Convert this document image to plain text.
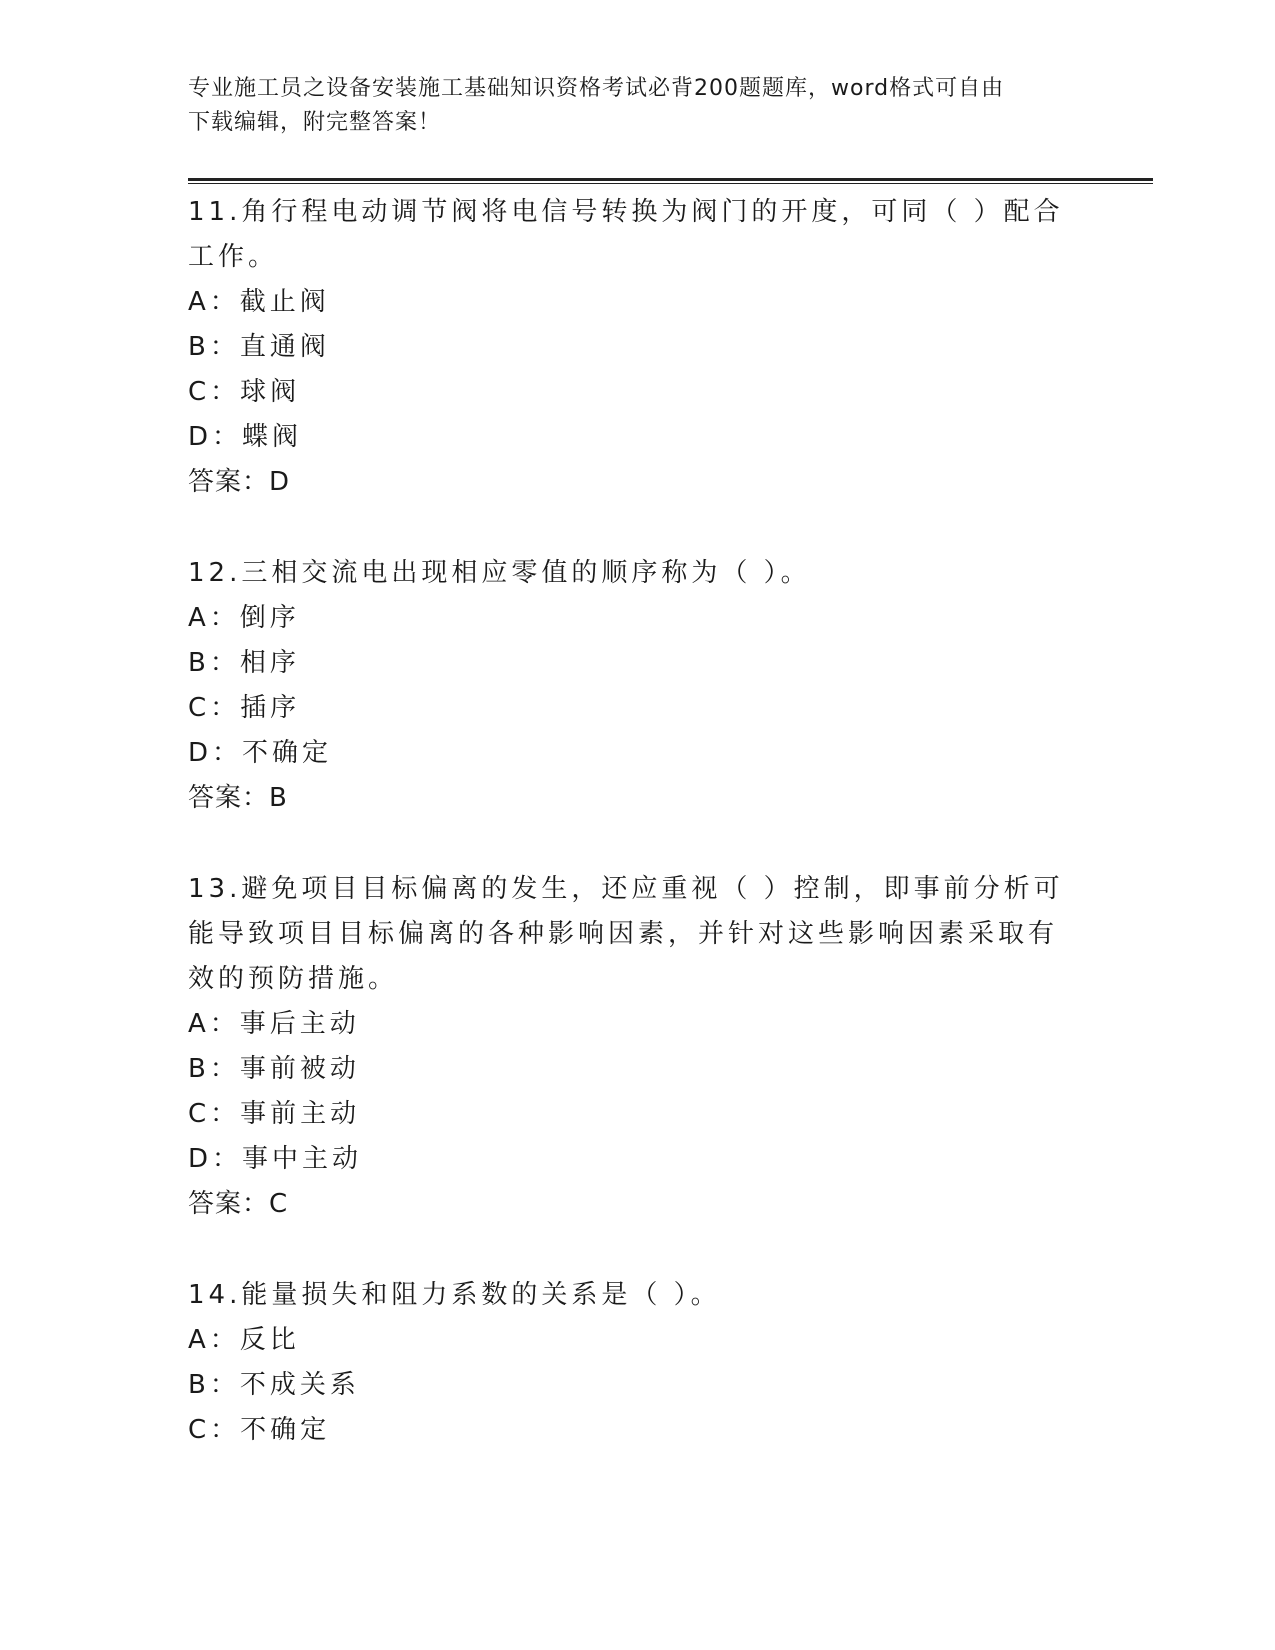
专业施工员之设备安装施工基础知识资格考试必背200题题库，word格式可自由
下载编辑，附完整答案！
11.角行程电动调节阀将电信号转换为阀门的开度，可同（ ）配合工作。
A：截止阀
B：直通阀
C：球阀
D：蝶阀
答案：D
12.三相交流电出现相应零值的顺序称为（ ）。
A：倒序
B：相序
C：插序
D：不确定
答案：B
13.避免项目目标偏离的发生，还应重视（ ）控制，即事前分析可能导致项目目标偏离的各种影响因素，并针对这些影响因素采取有效的预防措施。
A：事后主动
B：事前被动
C：事前主动
D：事中主动
答案：C
14.能量损失和阻力系数的关系是（ ）。
A：反比
B：不成关系
C：不确定
